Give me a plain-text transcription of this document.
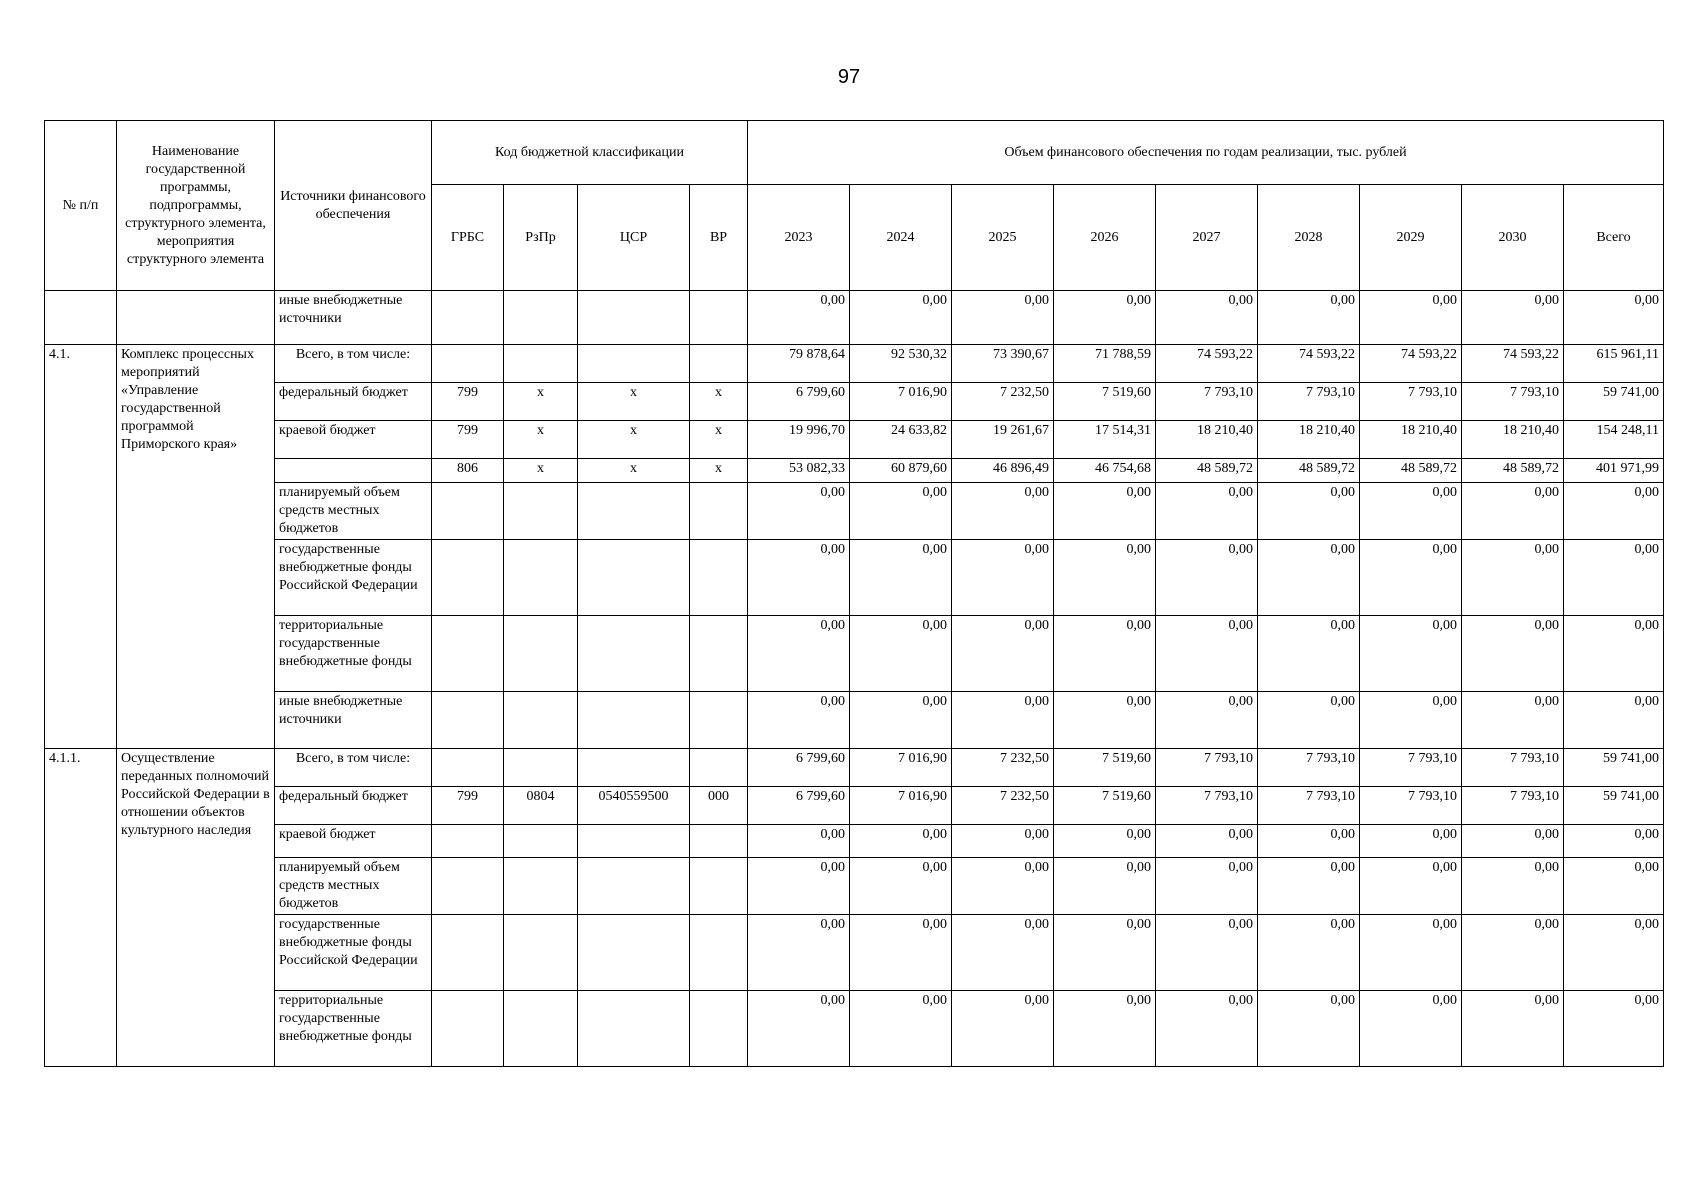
97
№ п/п	Наименование государственной программы, подпрограммы, структурного элемента, мероприятия структурного элемента	Источники финансового обеспечения	Код бюджетной классификации				Объем финансового обеспечения по годам реализации, тыс. рублей								
			ГРБС	РзПр	ЦСР	ВР	2023	2024	2025	2026	2027	2028	2029	2030	Всего
		иные внебюджетные источники					0,00	0,00	0,00	0,00	0,00	0,00	0,00	0,00	0,00
4.1.	Комплекс процессных мероприятий «Управление государственной программой Приморского края»	Всего, в том числе:					79 878,64	92 530,32	73 390,67	71 788,59	74 593,22	74 593,22	74 593,22	74 593,22	615 961,11
		федеральный бюджет	799	x	x	x	6 799,60	7 016,90	7 232,50	7 519,60	7 793,10	7 793,10	7 793,10	7 793,10	59 741,00
		краевой бюджет	799	x	x	x	19 996,70	24 633,82	19 261,67	17 514,31	18 210,40	18 210,40	18 210,40	18 210,40	154 248,11
			806	x	x	x	53 082,33	60 879,60	46 896,49	46 754,68	48 589,72	48 589,72	48 589,72	48 589,72	401 971,99
		планируемый объем средств местных бюджетов					0,00	0,00	0,00	0,00	0,00	0,00	0,00	0,00	0,00
		государственные внебюджетные фонды Российской Федерации					0,00	0,00	0,00	0,00	0,00	0,00	0,00	0,00	0,00
		территориальные государственные внебюджетные фонды					0,00	0,00	0,00	0,00	0,00	0,00	0,00	0,00	0,00
		иные внебюджетные источники					0,00	0,00	0,00	0,00	0,00	0,00	0,00	0,00	0,00
4.1.1.	Осуществление переданных полномочий Российской Федерации в отношении объектов культурного наследия	Всего, в том числе:					6 799,60	7 016,90	7 232,50	7 519,60	7 793,10	7 793,10	7 793,10	7 793,10	59 741,00
		федеральный бюджет	799	0804	0540559500	000	6 799,60	7 016,90	7 232,50	7 519,60	7 793,10	7 793,10	7 793,10	7 793,10	59 741,00
		краевой бюджет					0,00	0,00	0,00	0,00	0,00	0,00	0,00	0,00	0,00
		планируемый объем средств местных бюджетов					0,00	0,00	0,00	0,00	0,00	0,00	0,00	0,00	0,00
		государственные внебюджетные фонды Российской Федерации					0,00	0,00	0,00	0,00	0,00	0,00	0,00	0,00	0,00
		территориальные государственные внебюджетные фонды					0,00	0,00	0,00	0,00	0,00	0,00	0,00	0,00	0,00
